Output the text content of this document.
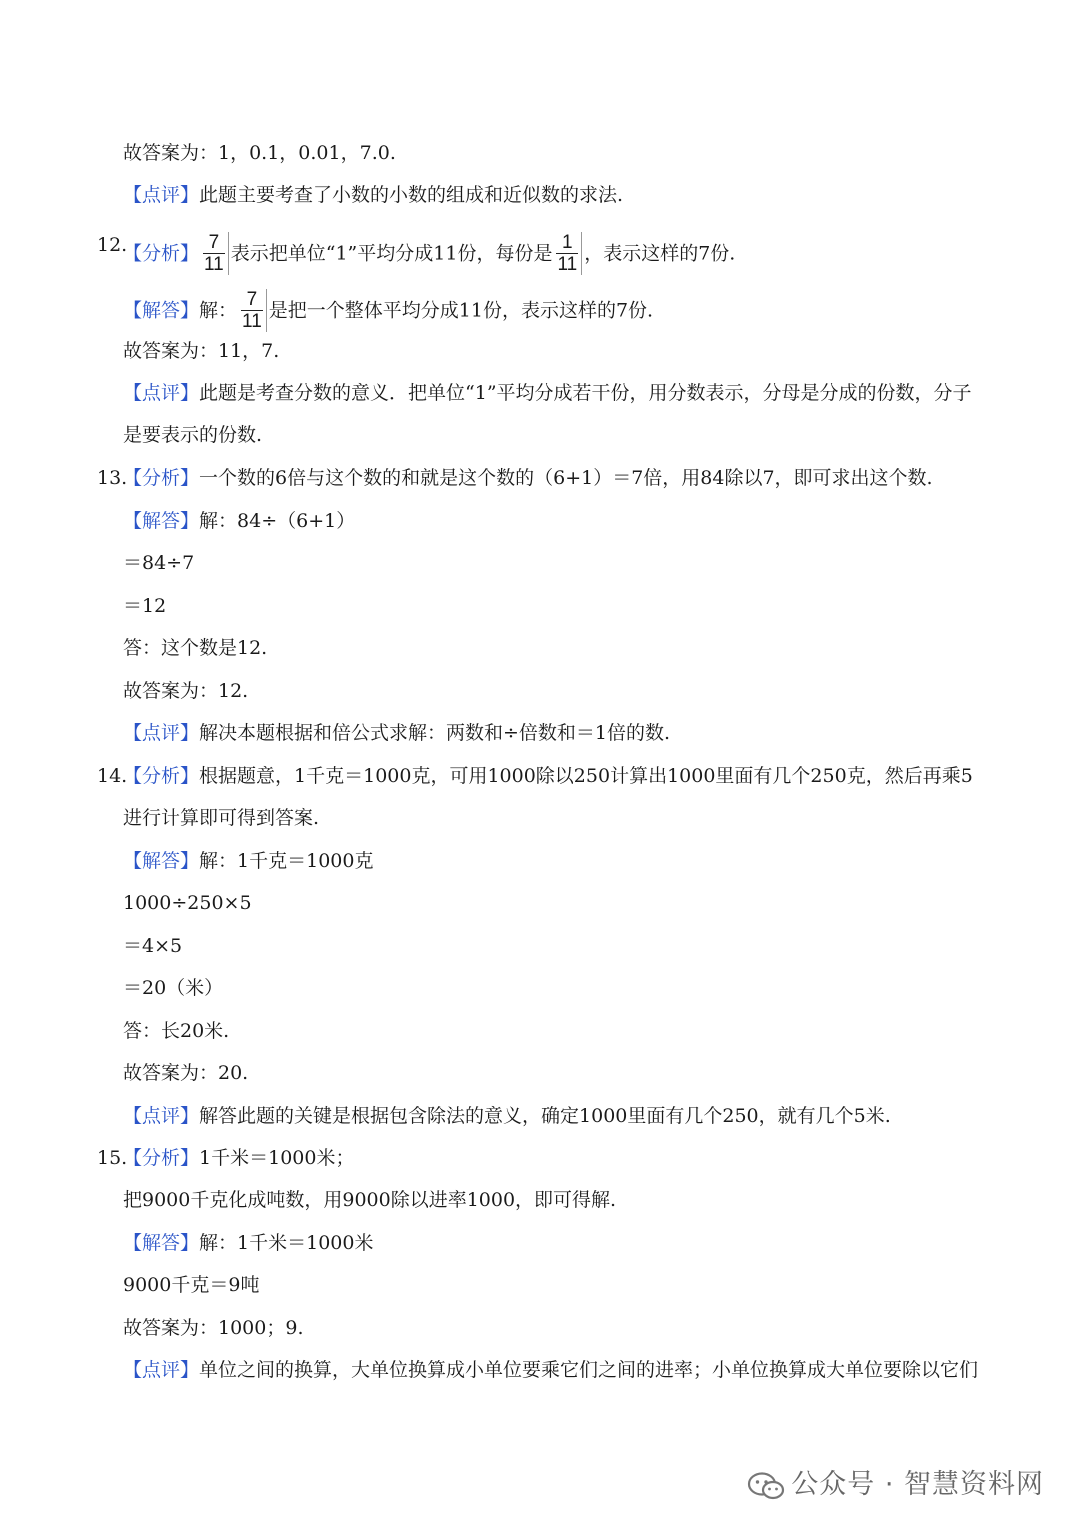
故答案为：1，0.1，0.01，7.0.
【点评】此题主要考查了小数的小数的组成和近似数的求法.
12.
【分析】 $\frac{7}{11}$ 表示把单位“1”平均分成11份，每份是 $\frac{1}{11}$ ，表示这样的7份.
【解答】解： $\frac{7}{11}$ 是把一个整体平均分成11份，表示这样的7份.
故答案为：11，7.
【点评】此题是考查分数的意义．把单位“1”平均分成若干份，用分数表示，分母是分成的份数，分子
是要表示的份数.
13.
【分析】一个数的6倍与这个数的和就是这个数的（6+1）＝7倍，用84除以7，即可求出这个数.
【解答】解：84÷（6+1）
＝84÷7
＝12
答：这个数是12.
故答案为：12.
【点评】解决本题根据和倍公式求解：两数和÷倍数和＝1倍的数.
14.
【分析】根据题意，1千克＝1000克，可用1000除以250计算出1000里面有几个250克，然后再乘5
进行计算即可得到答案.
【解答】解：1千克＝1000克
1000÷250×5
＝4×5
＝20（米）
答：长20米.
故答案为：20.
【点评】解答此题的关键是根据包含除法的意义，确定1000里面有几个250，就有几个5米.
15.
【分析】1千米＝1000米；
把9000千克化成吨数，用9000除以进率1000，即可得解.
【解答】解：1千米＝1000米
9000千克＝9吨
故答案为：1000；9.
【点评】单位之间的换算，大单位换算成小单位要乘它们之间的进率；小单位换算成大单位要除以它们
公众号 · 智慧资料网
